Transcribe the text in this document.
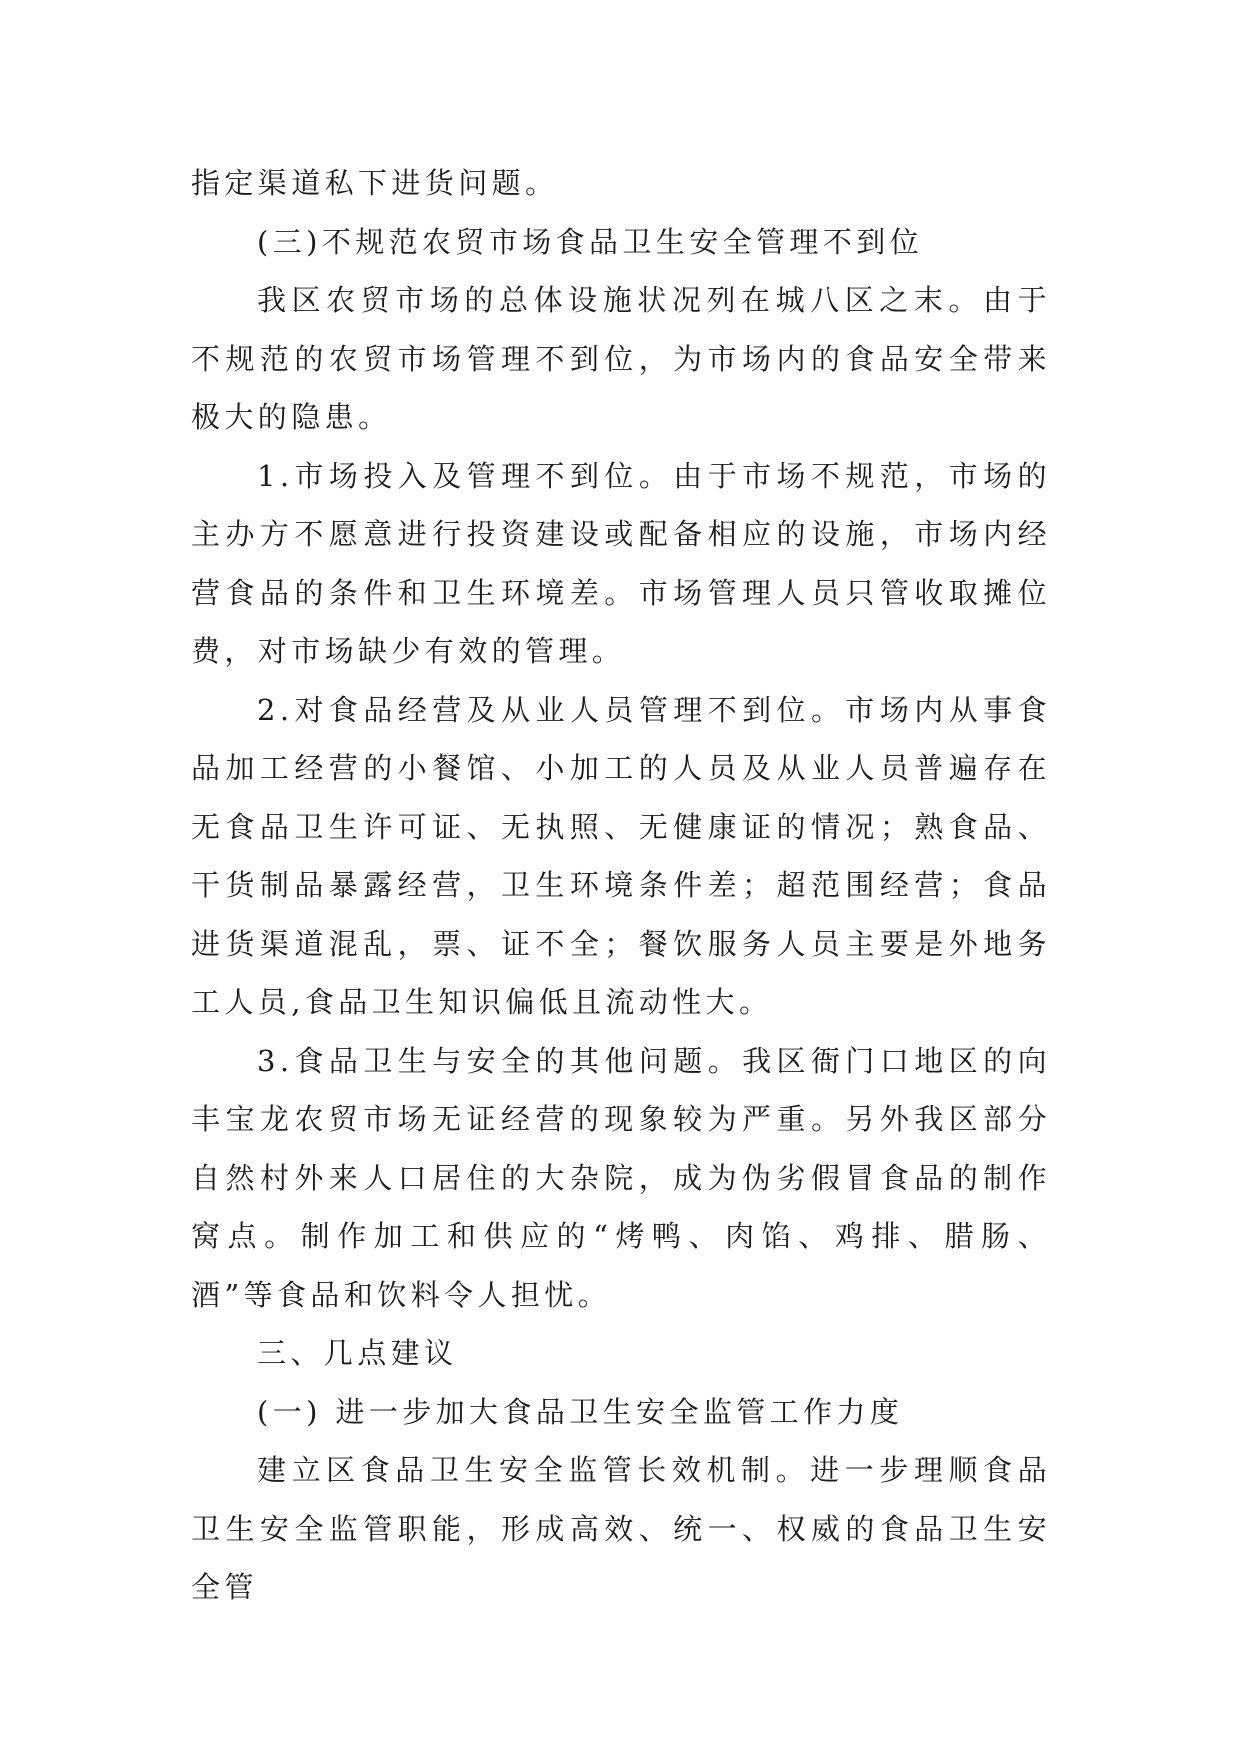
指定渠道私下进货问题。

(三)不规范农贸市场食品卫生安全管理不到位

我区农贸市场的总体设施状况列在城八区之末。由于不规范的农贸市场管理不到位，为市场内的食品安全带来极大的隐患。

1.市场投入及管理不到位。由于市场不规范，市场的主办方不愿意进行投资建设或配备相应的设施，市场内经营食品的条件和卫生环境差。市场管理人员只管收取摊位费，对市场缺少有效的管理。

2.对食品经营及从业人员管理不到位。市场内从事食品加工经营的小餐馆、小加工的人员及从业人员普遍存在无食品卫生许可证、无执照、无健康证的情况；熟食品、干货制品暴露经营，卫生环境条件差；超范围经营；食品进货渠道混乱，票、证不全；餐饮服务人员主要是外地务工人员,食品卫生知识偏低且流动性大。

3.食品卫生与安全的其他问题。我区衙门口地区的向丰宝龙农贸市场无证经营的现象较为严重。另外我区部分自然村外来人口居住的大杂院，成为伪劣假冒食品的制作窝点。制作加工和供应的“烤鸭、肉馅、鸡排、腊肠、酒”等食品和饮料令人担忧。

三、几点建议

(一) 进一步加大食品卫生安全监管工作力度

建立区食品卫生安全监管长效机制。进一步理顺食品卫生安全监管职能，形成高效、统一、权威的食品卫生安全管
